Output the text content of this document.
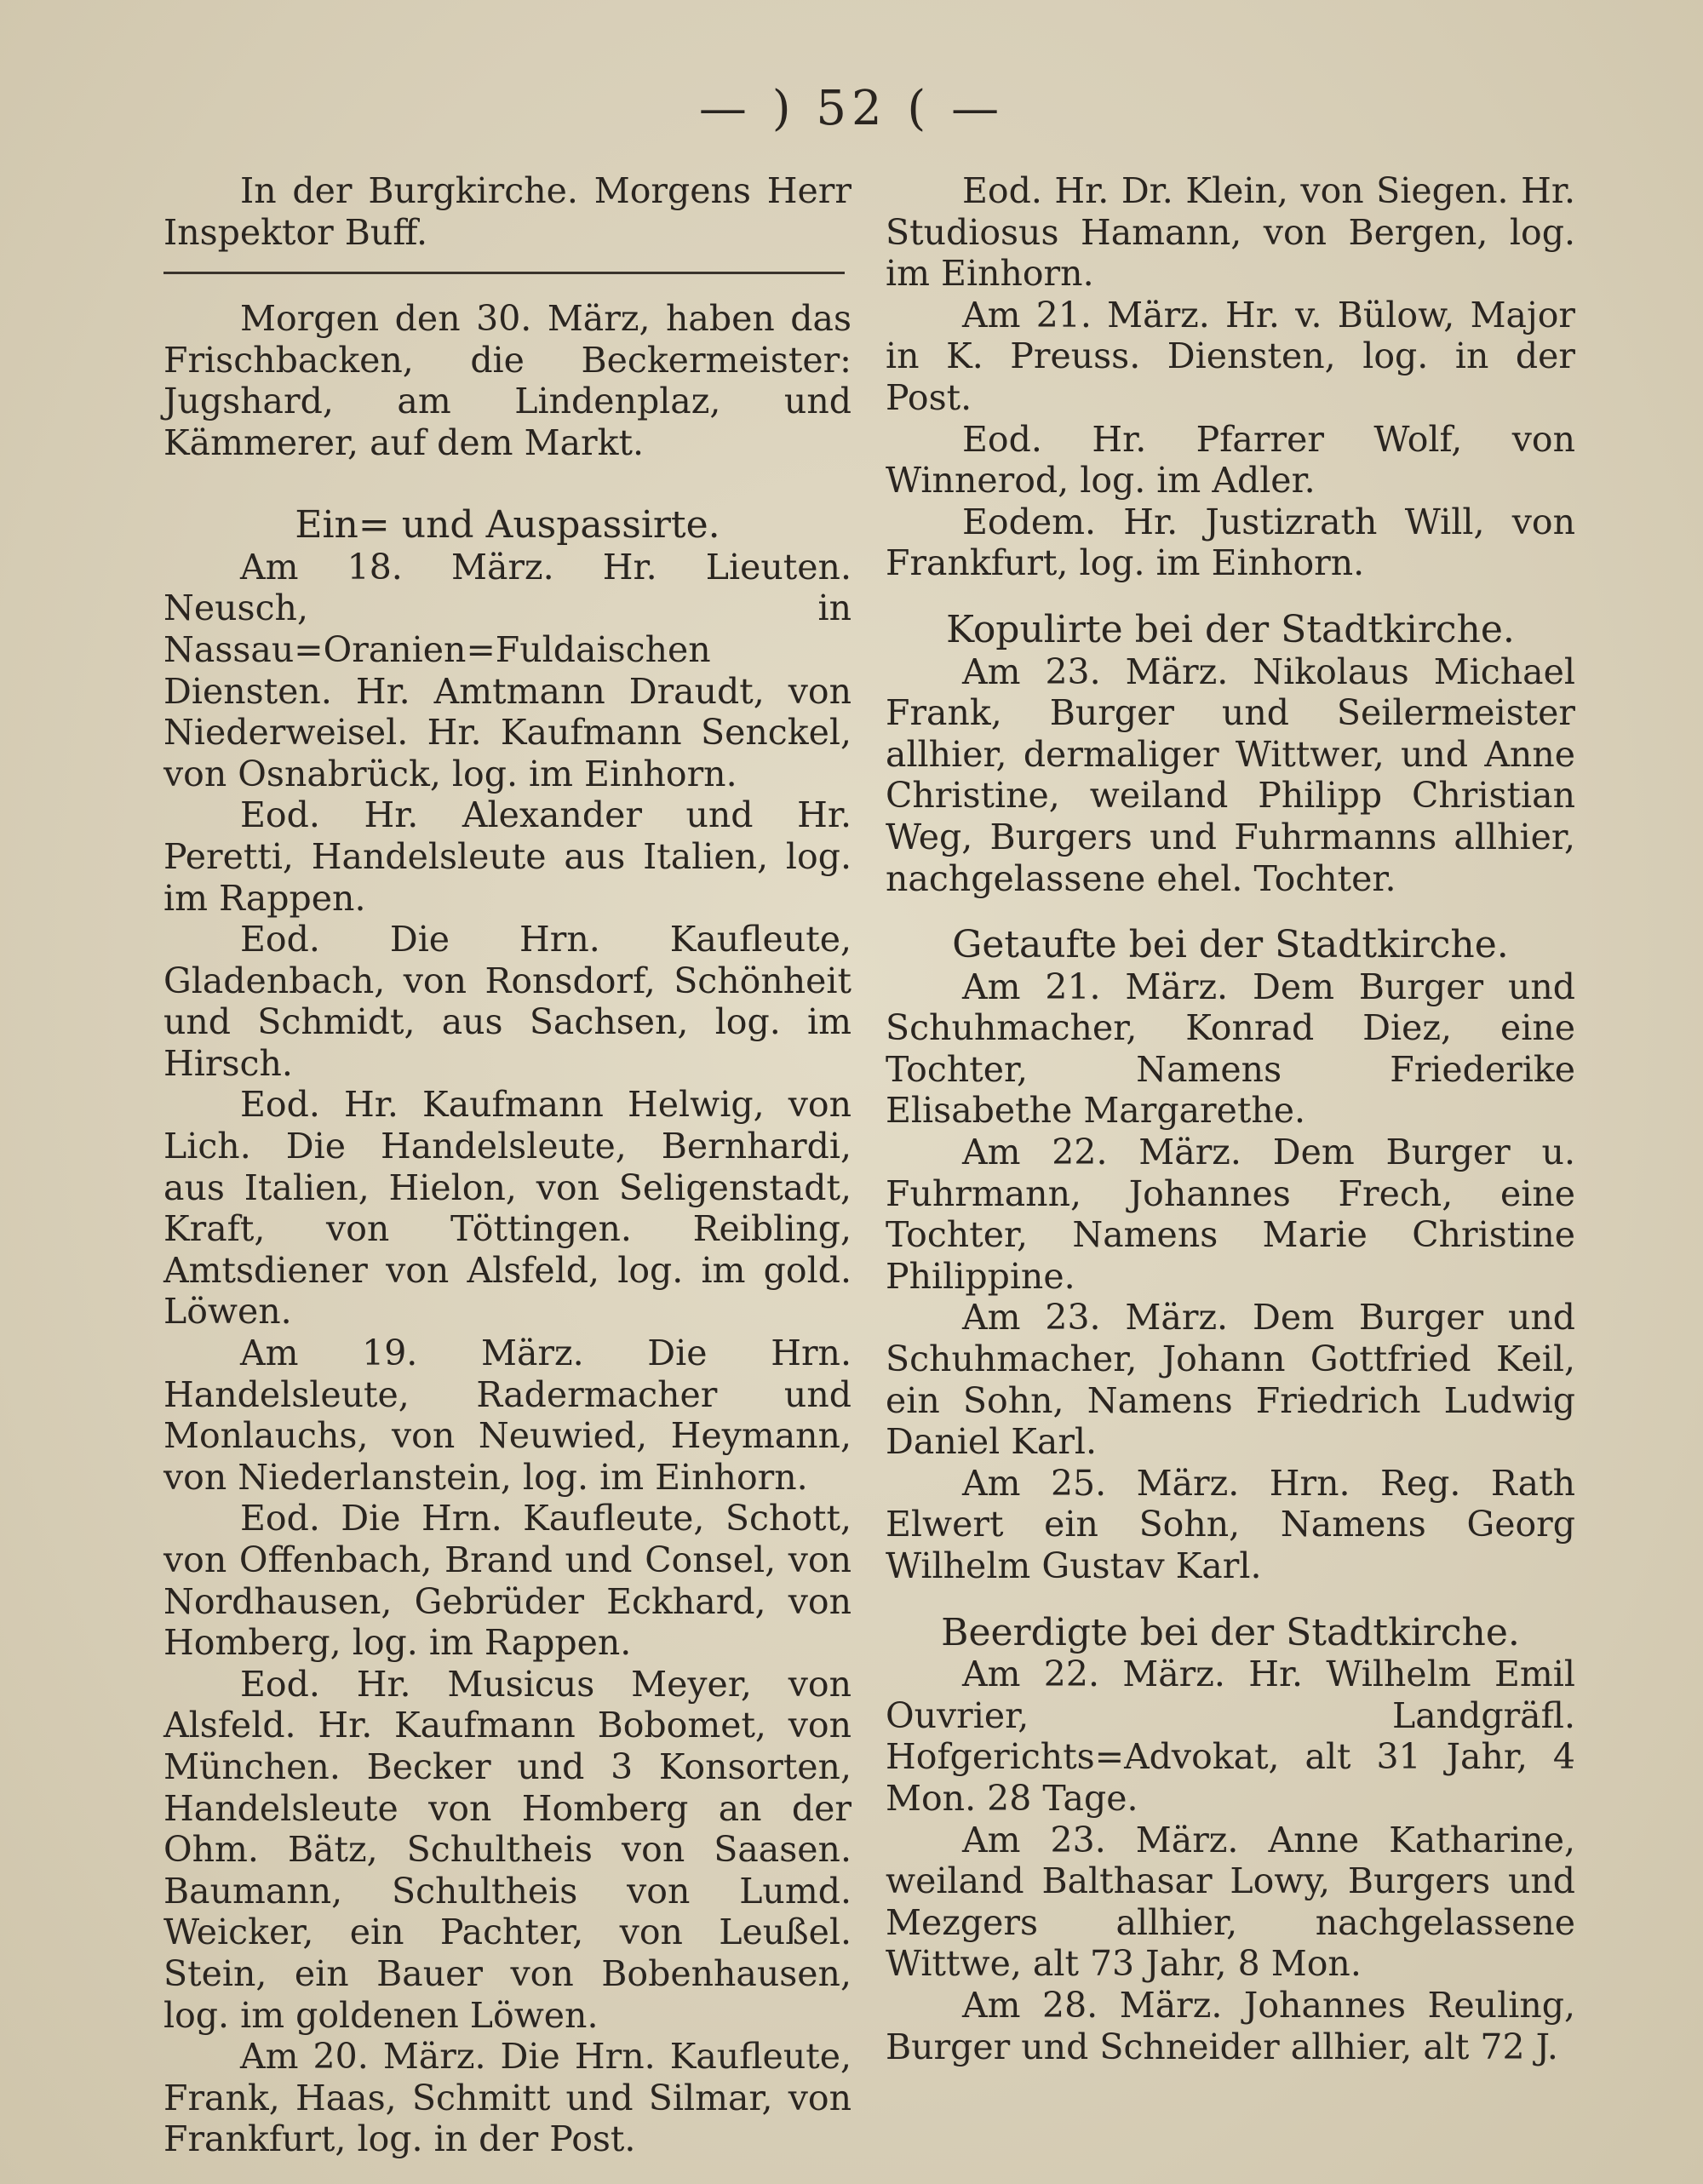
— ) 52 ( —

In der Burgkirche. Morgens Herr Inspektor Buff.

Morgen den 30. März, haben das Frischbacken, die Beckermeister: Jugshard, am Lindenplaz, und Kämmerer, auf dem Markt.

Ein= und Auspassirte.

Am 18. März. Hr. Lieuten. Neusch, in Nassau=Oranien=Fuldaischen Diensten. Hr. Amtmann Draudt, von Niederweisel. Hr. Kaufmann Senckel, von Osnabrück, log. im Einhorn.

Eod. Hr. Alexander und Hr. Peretti, Handelsleute aus Italien, log. im Rappen.

Eod. Die Hrn. Kaufleute, Gladenbach, von Ronsdorf, Schönheit und Schmidt, aus Sachsen, log. im Hirsch.

Eod. Hr. Kaufmann Helwig, von Lich. Die Handelsleute, Bernhardi, aus Italien, Hielon, von Seligenstadt, Kraft, von Töttingen. Reibling, Amtsdiener von Alsfeld, log. im gold. Löwen.

Am 19. März. Die Hrn. Handelsleute, Radermacher und Monlauchs, von Neuwied, Heymann, von Niederlanstein, log. im Einhorn.

Eod. Die Hrn. Kaufleute, Schott, von Offenbach, Brand und Consel, von Nordhausen, Gebrüder Eckhard, von Homberg, log. im Rappen.

Eod. Hr. Musicus Meyer, von Alsfeld. Hr. Kaufmann Bobomet, von München. Becker und 3 Konsorten, Handelsleute von Homberg an der Ohm. Bätz, Schultheis von Saasen. Baumann, Schultheis von Lumd. Weicker, ein Pachter, von Leußel. Stein, ein Bauer von Bobenhausen, log. im goldenen Löwen.

Am 20. März. Die Hrn. Kaufleute, Frank, Haas, Schmitt und Silmar, von Frankfurt, log. in der Post.

Eod. Hr. Dr. Klein, von Siegen. Hr. Studiosus Hamann, von Bergen, log. im Einhorn.

Am 21. März. Hr. v. Bülow, Major in K. Preuss. Diensten, log. in der Post.

Eod. Hr. Pfarrer Wolf, von Winnerod, log. im Adler.

Eodem. Hr. Justizrath Will, von Frankfurt, log. im Einhorn.

Kopulirte bei der Stadtkirche.

Am 23. März. Nikolaus Michael Frank, Burger und Seilermeister allhier, dermaliger Wittwer, und Anne Christine, weiland Philipp Christian Weg, Burgers und Fuhrmanns allhier, nachgelassene ehel. Tochter.

Getaufte bei der Stadtkirche.

Am 21. März. Dem Burger und Schuhmacher, Konrad Diez, eine Tochter, Namens Friederike Elisabethe Margarethe.

Am 22. März. Dem Burger u. Fuhrmann, Johannes Frech, eine Tochter, Namens Marie Christine Philippine.

Am 23. März. Dem Burger und Schuhmacher, Johann Gottfried Keil, ein Sohn, Namens Friedrich Ludwig Daniel Karl.

Am 25. März. Hrn. Reg. Rath Elwert ein Sohn, Namens Georg Wilhelm Gustav Karl.

Beerdigte bei der Stadtkirche.

Am 22. März. Hr. Wilhelm Emil Ouvrier, Landgräfl. Hofgerichts=Advokat, alt 31 Jahr, 4 Mon. 28 Tage.

Am 23. März. Anne Katharine, weiland Balthasar Lowy, Burgers und Mezgers allhier, nachgelassene Wittwe, alt 73 Jahr, 8 Mon.

Am 28. März. Johannes Reuling, Burger und Schneider allhier, alt 72 J.
